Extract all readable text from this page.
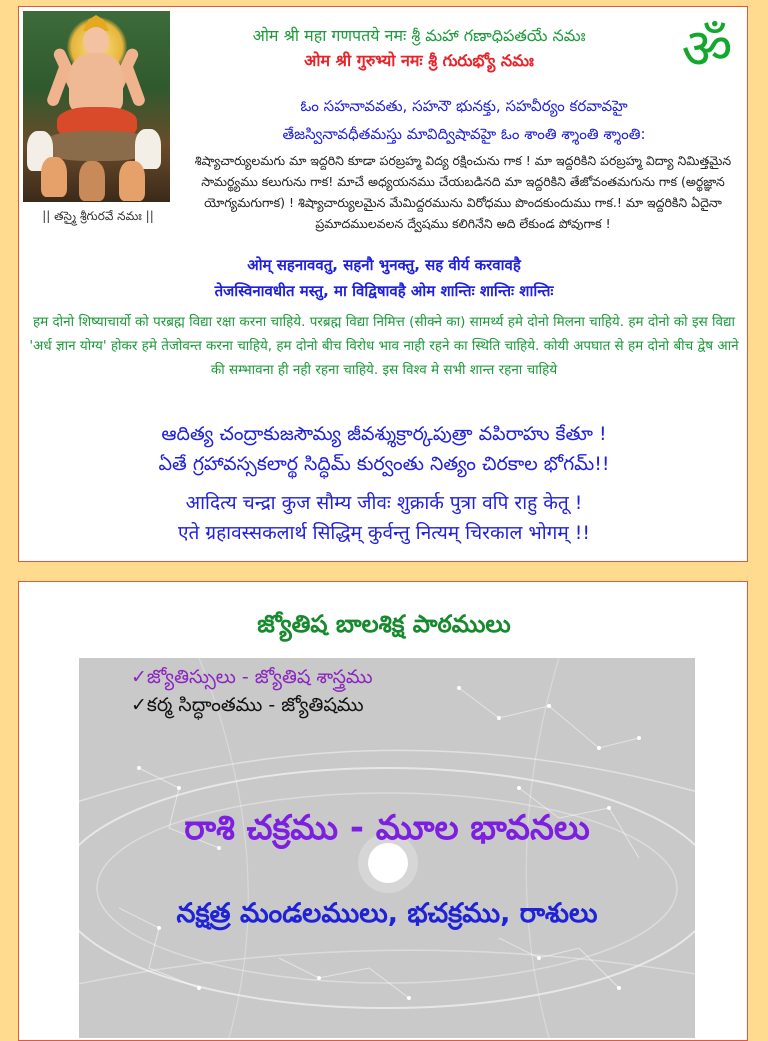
|| తస్మై శ్రీగురవే నమః ||
ॐ
ओम श्री महा गणपतये नमः శ్రీ మహా గణాధిపతయే నమః
ओम श्री गुरुभ्यो नमः శ్రీ గురుభ్యో నమః
ఓం సహనావవతు, సహనౌ భునక్తు, సహవీర్యం కరవావహై
తేజస్వినావధీతమస్తు మావిద్విషావహై ఓం శాంతి శ్శాంతి శ్శాంతి:
శిష్యాచార్యులమగు మా ఇద్దరిని కూడా పరబ్రహ్మ విద్య రక్షించును గాక ! మా ఇద్దరికిని పరబ్రహ్మ విద్యా నిమిత్తమైన సామర్థ్యము కలుగును గాక! మాచే అధ్యయనము చేయబడినది మా ఇద్దరికిని తేజోవంతమగును గాక (అర్థజ్ఞాన యోగ్యమగుగాక) ! శిష్యాచార్యులమైన మేమిద్దరమును విరోధము పొందకుందుము గాక.! మా ఇద్దరికిని ఏదైనా ప్రమాదములవలన ద్వేషము కలిగినేని అది లేకుండ పోవుగాక !
ओम् सहनाववतु, सहनौ भुनक्तु, सह वीर्य करवावहै
तेजस्विनावधीत मस्तु, मा विद्विषावहै ओम शान्तिः शान्तिः शान्तिः
हम दोनो शिष्याचार्यो को परब्रह्म विद्या रक्षा करना चाहिये. परब्रह्म विद्या निमित्त (सीक्ने का) सामर्थ्य हमे दोनो मिलना चाहिये. हम दोनो को इस विद्या 'अर्ध ज्ञान योग्य' होकर हमे तेजोवन्त करना चाहिये, हम दोनो बीच विरोध भाव नाही रहने का स्थिति चाहिये. कोयी अपघात से हम दोनो बीच द्वेष आने की सम्भावना ही नही रहना चाहिये. इस विश्व मे सभी शान्त रहना चाहिये
ఆదిత్య చంద్రాకుజసౌమ్య జీవశ్శుక్రార్కపుత్రా వపిరాహు కేతూ !
ఏతే గ్రహావస్సకలార్థ సిద్ధిమ్ కుర్వంతు నిత్యం చిరకాల భోగమ్!!
आदित्य चन्द्रा कुज सौम्य जीवः शुक्रार्क पुत्रा वपि राहु केतू !
एते ग्रहावस्सकलार्थ सिद्धिम् कुर्वन्तु नित्यम् चिरकाल भोगम् !!
జ్యోతిష బాలశిక్ష పాఠములు
✓జ్యోతిస్సులు - జ్యోతిష శాస్త్రము
✓కర్మ సిద్ధాంతము - జ్యోతిషము
రాశి చక్రము - మూల భావనలు
నక్షత్ర మండలములు, భచక్రము, రాశులు
